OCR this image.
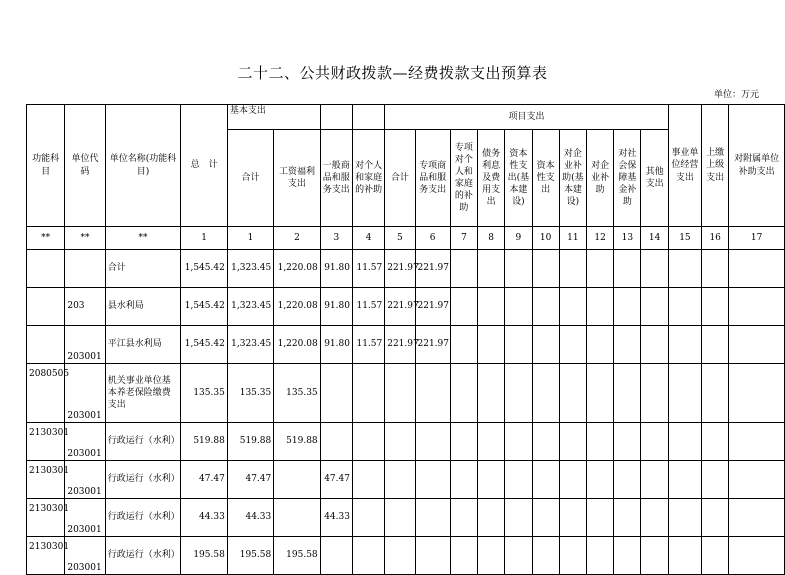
二十二、公共财政拨款—经费拨款支出预算表
单位：万元
功能科目	单位代码	单位名称(功能科目)	总　计	基本支出				项目支出										事业单位经营支出	上缴上级支出	对附属单位补助支出
				合计	工资福利支出	一般商品和服务支出	对个人和家庭的补助	合计	专项商品和服务支出	专项对个人和家庭的补助	债务利息及费用支出	资本性支出(基本建设)	资本性支出	对企业补助(基本建设)	对企业补助	对社会保障基金补助	其他支出			
**	**	**	1	1	2	3	4	5	6	7	8	9	10	11	12	13	14	15	16	17
		合计	1,545.42	1,323.45	1,220.08	91.80	11.57	221.97	221.97											
	203	县水利局	1,545.42	1,323.45	1,220.08	91.80	11.57	221.97	221.97											
	203001	平江县水利局	1,545.42	1,323.45	1,220.08	91.80	11.57	221.97	221.97											
2080505	203001	机关事业单位基本养老保险缴费支出	135.35	135.35	135.35															
2130301	203001	行政运行（水利）	519.88	519.88	519.88															
2130301	203001	行政运行（水利）	47.47	47.47		47.47														
2130301	203001	行政运行（水利）	44.33	44.33		44.33														
2130301	203001	行政运行（水利）	195.58	195.58	195.58															
